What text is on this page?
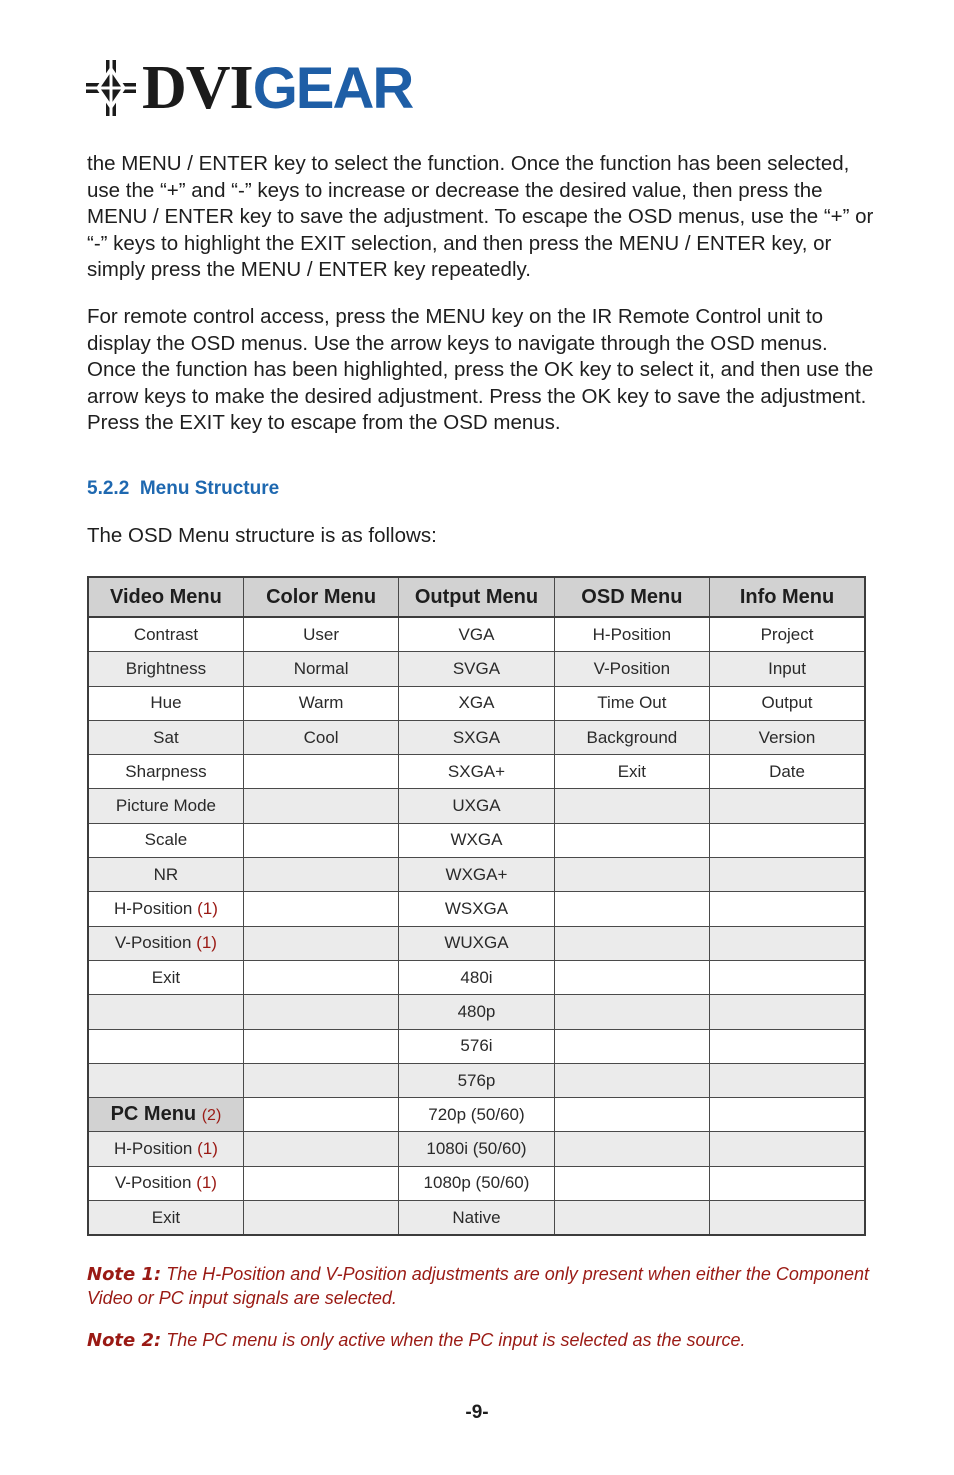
DVIGEAR

the MENU / ENTER key to select the function. Once the function has been selected, use the “+” and “-” keys to increase or decrease the desired value, then press the MENU / ENTER key to save the adjustment. To escape the OSD menus, use the “+” or “-” keys to highlight the EXIT selection, and then press the MENU / ENTER key, or simply press the MENU / ENTER key repeatedly.

For remote control access, press the MENU key on the IR Remote Control unit to display the OSD menus. Use the arrow keys to navigate through the OSD menus. Once the function has been highlighted, press the OK key to select it, and then use the arrow keys to make the desired adjustment. Press the OK key to save the adjustment. Press the EXIT key to escape from the OSD menus.

5.2.2 Menu Structure

The OSD Menu structure is as follows:

Video Menu	Color Menu	Output Menu	OSD Menu	Info Menu
Contrast	User	VGA	H-Position	Project
Brightness	Normal	SVGA	V-Position	Input
Hue	Warm	XGA	Time Out	Output
Sat	Cool	SXGA	Background	Version
Sharpness		SXGA+	Exit	Date
Picture Mode		UXGA		
Scale		WXGA		
NR		WXGA+		
H-Position (1)		WSXGA		
V-Position (1)		WUXGA		
Exit		480i		
		480p		
		576i		
		576p		
PC Menu (2)		720p (50/60)		
H-Position (1)		1080i (50/60)		
V-Position (1)		1080p (50/60)		
Exit		Native		

Note 1: The H-Position and V-Position adjustments are only present when either the Component Video or PC input signals are selected.

Note 2: The PC menu is only active when the PC input is selected as the source.

-9-
